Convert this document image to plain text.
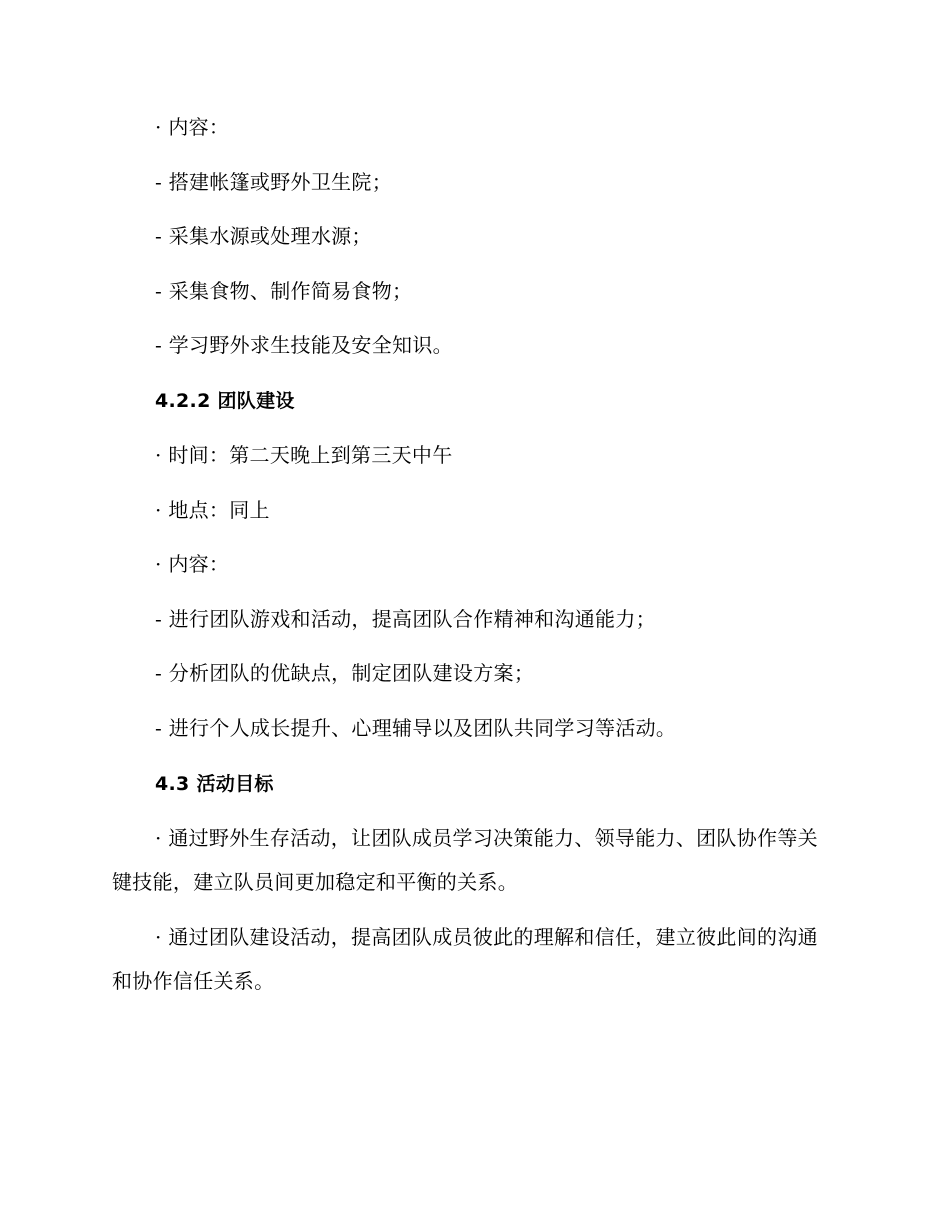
· 内容：
- 搭建帐篷或野外卫生院；
- 采集水源或处理水源；
- 采集食物、制作简易食物；
- 学习野外求生技能及安全知识。
4.2.2 团队建设
· 时间：第二天晚上到第三天中午
· 地点：同上
· 内容：
- 进行团队游戏和活动，提高团队合作精神和沟通能力；
- 分析团队的优缺点，制定团队建设方案；
- 进行个人成长提升、心理辅导以及团队共同学习等活动。
4.3 活动目标
· 通过野外生存活动，让团队成员学习决策能力、领导能力、团队协作等关键技能，建立队员间更加稳定和平衡的关系。
· 通过团队建设活动，提高团队成员彼此的理解和信任，建立彼此间的沟通和协作信任关系。
